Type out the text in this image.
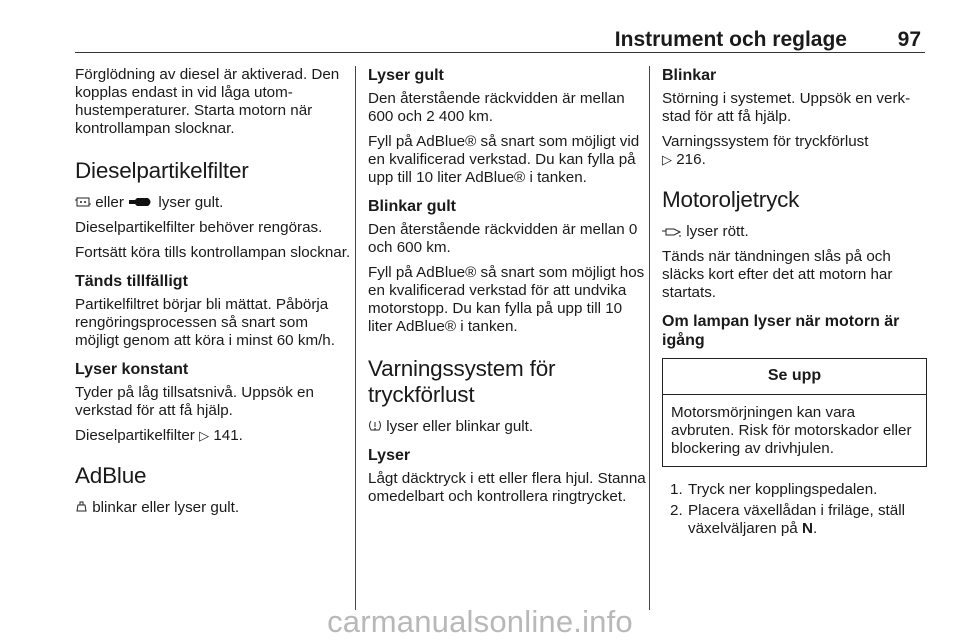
Instrument och reglage 97

Förglödning av diesel är aktiverad. Den kopplas endast in vid låga utom- hustemperaturer. Starta motorn när kontrollampan slocknar.

Dieselpartikelfilter

eller lyser gult.

Dieselpartikelfilter behöver rengöras.

Fortsätt köra tills kontrollampan slocknar.

Tänds tillfälligt

Partikelfiltret börjar bli mättat. Påbörja rengöringsprocessen så snart som möjligt genom att köra i minst 60 km/h.

Lyser konstant

Tyder på låg tillsatsnivå. Uppsök en verkstad för att få hjälp.

Dieselpartikelfilter ▷ 141.

AdBlue

blinkar eller lyser gult.

Lyser gult

Den återstående räckvidden är mellan 600 och 2 400 km.

Fyll på AdBlue® så snart som möjligt vid en kvalificerad verkstad. Du kan fylla på upp till 10 liter AdBlue® i tanken.

Blinkar gult

Den återstående räckvidden är mellan 0 och 600 km.

Fyll på AdBlue® så snart som möjligt hos en kvalificerad verkstad för att undvika motorstopp. Du kan fylla på upp till 10 liter AdBlue® i tanken.

Varningssystem för tryckförlust

lyser eller blinkar gult.

Lyser

Lågt däcktryck i ett eller flera hjul. Stanna omedelbart och kontrollera ringtrycket.

Blinkar

Störning i systemet. Uppsök en verk- stad för att få hjälp.

Varningssystem för tryckförlust
▷ 216.

Motoroljetryck

lyser rött.

Tänds när tändningen slås på och släcks kort efter det att motorn har startats.

Om lampan lyser när motorn är igång
Se upp
Motorsmörjningen kan vara avbruten. Risk för motorskador eller blockering av drivhjulen.
1. Tryck ner kopplingspedalen.
2. Placera växellådan i friläge, ställ växelväljaren på N.
carmanualsonline.info
